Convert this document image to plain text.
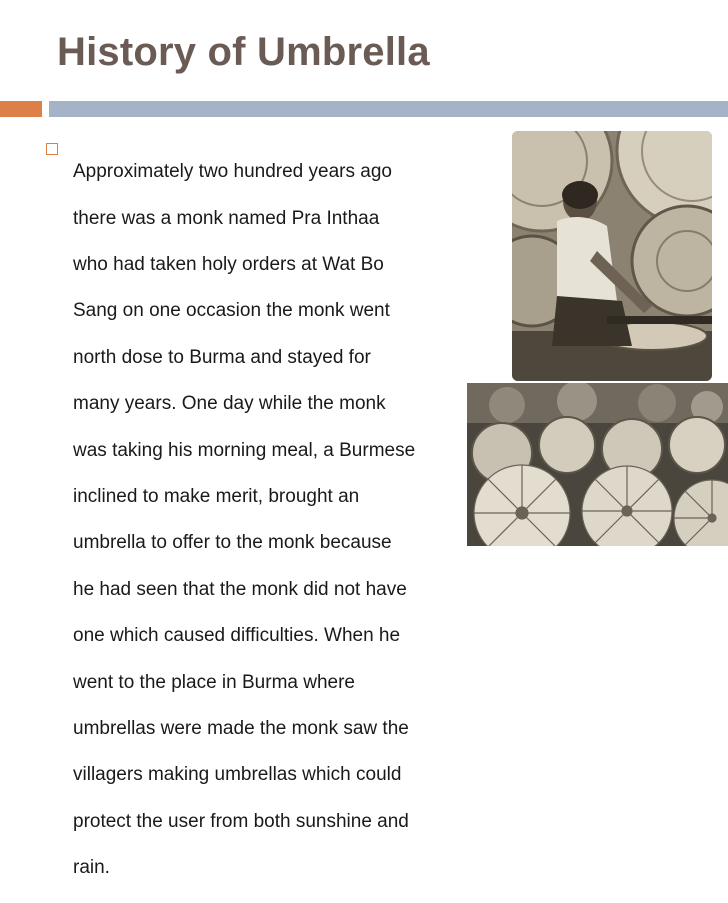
History of Umbrella

Approximately two hundred years ago

there was a monk named Pra Inthaa

who had taken holy orders at Wat Bo

Sang on one occasion the monk went

north dose to Burma and stayed for

many years. One day while the monk

was taking his morning meal, a Burmese

inclined to make merit, brought an

umbrella to offer to the monk because

he had seen that the monk did not have

one which caused difficulties. When he

went to the place in Burma where

umbrellas were made the monk saw the

villagers making umbrellas which could

protect the user from both sunshine and

rain.
